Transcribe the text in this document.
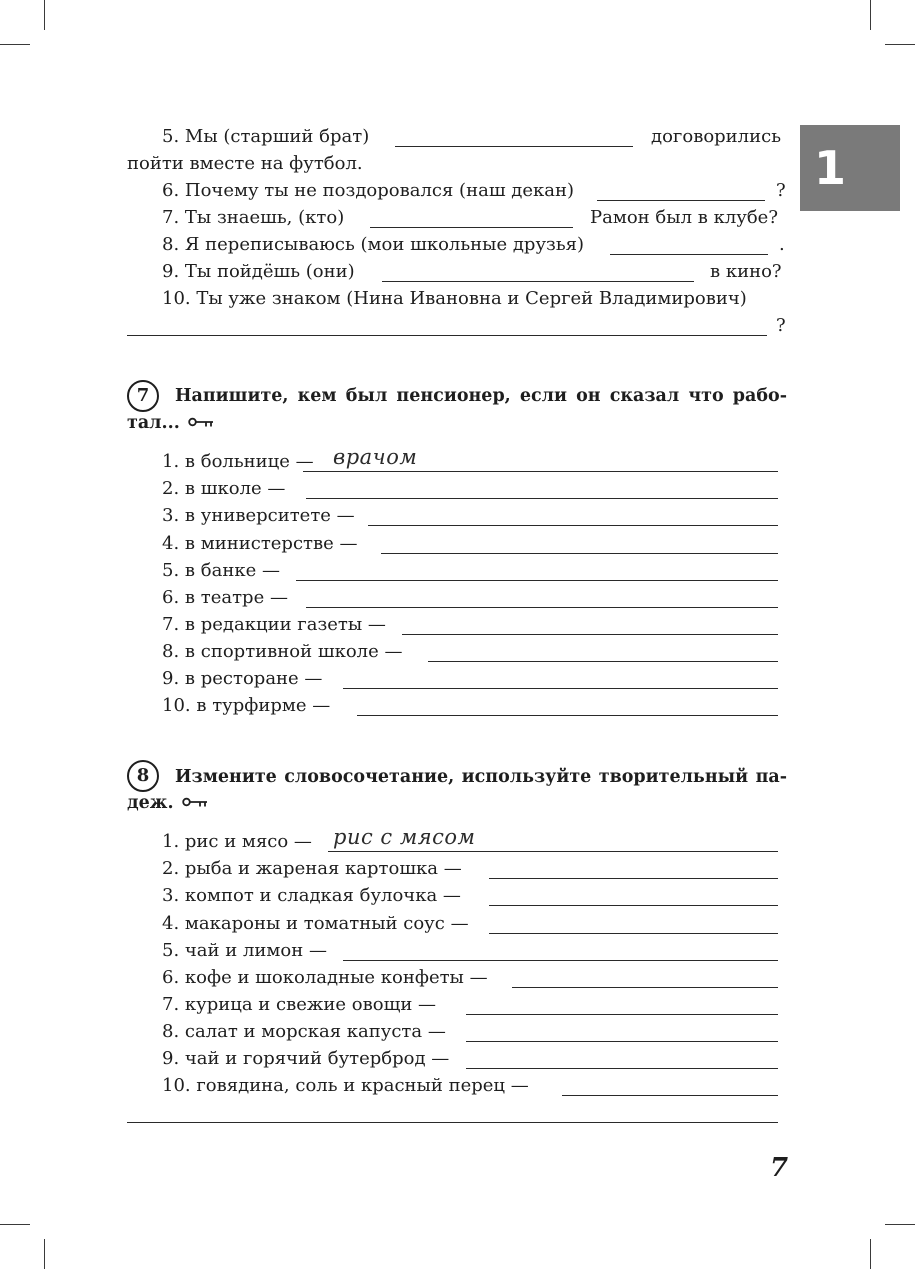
1
5. Мы (старший брат)	договорились
пойти вместе на футбол.
6. Почему ты не поздоровался (наш декан)	?
7. Ты знаешь, (кто)	Рамон был в клубе?
8. Я переписываюсь (мои школьные друзья)	.
9. Ты пойдёшь (они)	в кино?
10. Ты уже знаком (Нина Ивановна и Сергей Владимирович)
?
7	Напишите, кем был пенсионер, если он сказал что рабо-
тал...
1. в больнице — врачом
2. в школе —
3. в университете —
4. в министерстве —
5. в банке —
6. в театре —
7. в редакции газеты —
8. в спортивной школе —
9. в ресторане —
10. в турфирме —
8	Измените словосочетание, используйте творительный па-
деж.
1. рис и мясо — рис с мясом
2. рыба и жареная картошка —
3. компот и сладкая булочка —
4. макароны и томатный соус —
5. чай и лимон —
6. кофе и шоколадные конфеты —
7. курица и свежие овощи —
8. салат и морская капуста —
9. чай и горячий бутерброд —
10. говядина, соль и красный перец —
7
